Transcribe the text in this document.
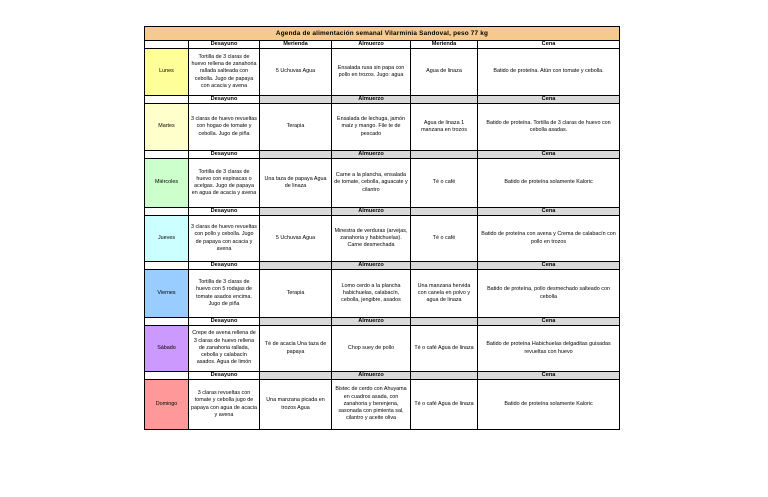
Agenda de alimentación semanal Vilarminia Sandoval, peso 77 kg					
	Desayuno	Merienda	Almuerzo	Merienda	Cena
Lunes	Tortilla de 3 claras de huevo rellena de zanahoria rallada salteada con cebolla. Jugo de papaya con acacia y avena	5 Uchuvas Agua	Ensalada rusa sin papa con pollo en trozos. Jugo: agua	Agua de linaza	Batido de proteína. Atún con tomate y cebolla.
	Desayuno		Almuerzo		Cena
Martes	3 claras de huevo revueltas con hogao de tomate y cebolla. Jugo de piña	Terapia	Ensalada de lechuga, jamón maíz y mango. File te de pescado	Agua de linaza 1 manzana en trozos	Batido de proteína. Tortilla de 3 claras de huevo con cebolla asadas.
	Desayuno		Almuerzo		Cena
Miércoles	Tortilla de 3 claras de huevo con espinacas o acelgas. Jugo de papaya en agua de acacia y avena	Una taza de papaya Agua de linaza	Carne a la plancha, ensalada de tomate, cebolla, aguacate y cilantro	Té o café	Batido de proteína solamente Kaloric
	Desayuno		Almuerzo		Cena
Jueves	3 claras de huevo revueltas con pollo y cebolla. Jugo de papaya con acacia y avena	5 Uchuvas Agua	Minestra de verduras (arvejas, zanahoria y habichuelas). Carne desmechada	Té o café	Batido de proteína con avena y Crema de calabacín con pollo en trozos
	Desayuno		Almuerzo		Cena
Viernes	Tortilla de 3 claras de huevo con 5 rodajas de tomate asados encima. Jugo de piña	Terapia	Lomo cerdo a la plancha habichuelas, calabacín, cebolla, jengibre, asados	Una manzana hervida con canela en polvo y agua de linaza	Batido de proteína, pollo desmechado salteado con cebolla
	Desayuno		Almuerzo		Cena
Sábado	Crepe de avena rellena de 3 claras de huevo rellena de zanahoria rallada, cebolla y calabacín asados. Agua de limón	Té de acacia Una taza de papaya	Chop suey de pollo	Té o café Agua de linaza	Batido de proteína Habichuelas delgaditas guisadas revueltas con huevo
	Desayuno		Almuerzo		Cena
Domingo	3 claras revueltas con tomate y cebolla jugo de papaya con agua de acacia y avena	Una manzana picada en trozos Agua	Bistec de cerdo con Ahuyama en cuadros asada, con zanahoria y berenjena, sasonada con pimienta sal, cilantro y aceite oliva	Té o café Agua de linaza	Batido de proteína solamente Kaloric
